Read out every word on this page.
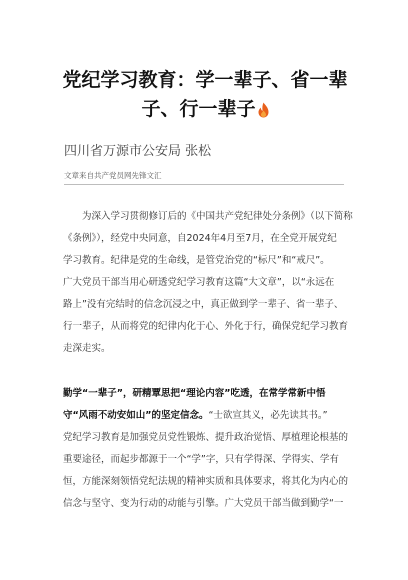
党纪学习教育：学一辈子、省一辈
子、行一辈子
四川省万源市公安局 张松
文章来自共产党员网先锋文汇
　　为深入学习贯彻修订后的《中国共产党纪律处分条例》（以下简称
《条例》），经党中央同意，自2024年4月至7月，在全党开展党纪
学习教育。纪律是党的生命线，是管党治党的“标尺”和“戒尺”。
广大党员干部当用心研透党纪学习教育这篇“大文章”，以“永远在
路上”没有完结时的信念沉浸之中，真正做到学一辈子、省一辈子、
行一辈子，从而将党的纪律内化于心、外化于行，确保党纪学习教育
走深走实。
勤学“一辈子”，研精覃思把“理论内容”吃透，在常学常新中悟
守“风雨不动安如山”的坚定信念。“士欲宣其义，必先读其书。”
党纪学习教育是加强党员党性锻炼、提升政治觉悟、厚植理论根基的
重要途径，而起步都源于一个“学”字，只有学得深、学得实、学有
恒，方能深刻领悟党纪法规的精神实质和具体要求，将其化为内心的
信念与坚守、变为行动的动能与引擎。广大党员干部当做到勤学“一
